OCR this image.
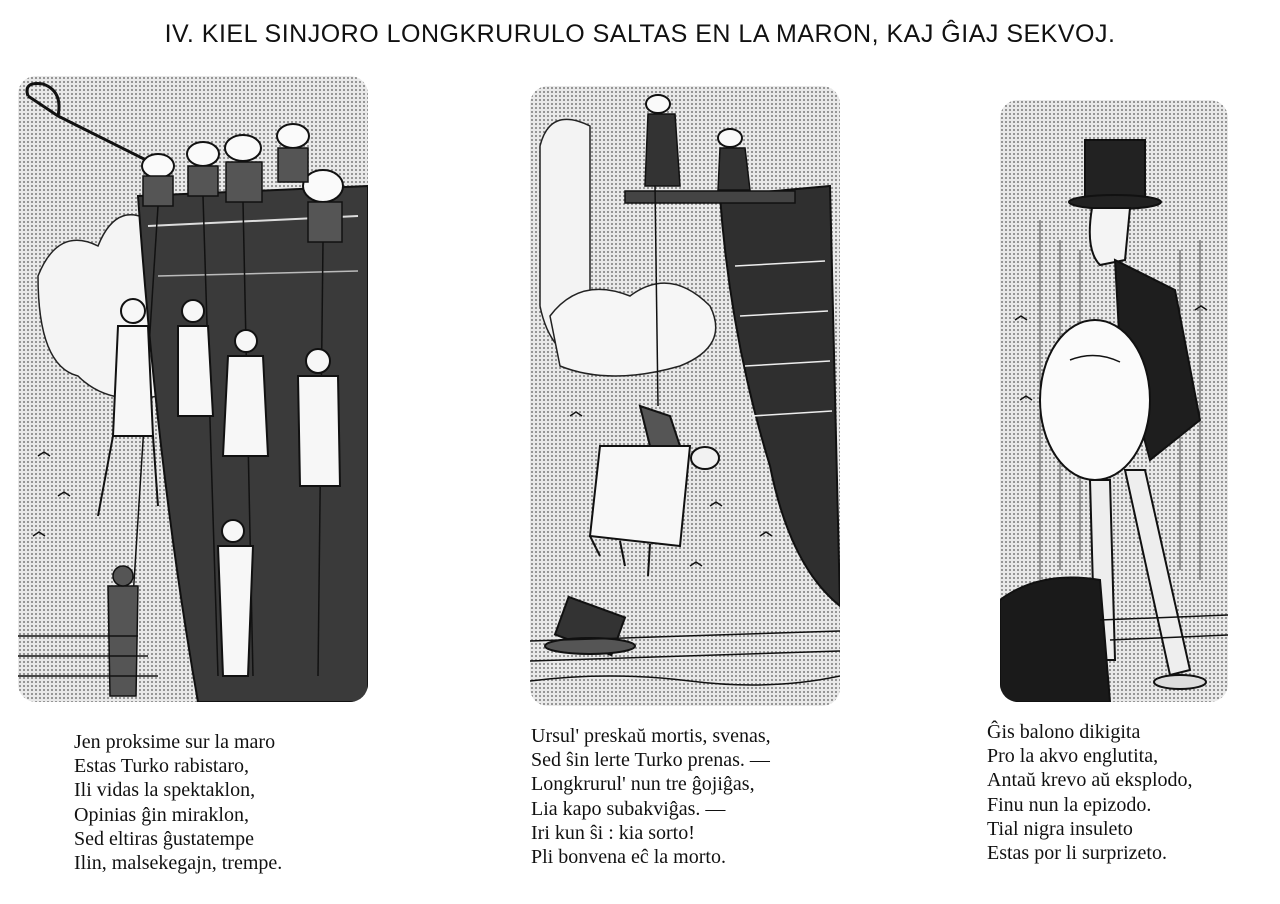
IV. KIEL SINJORO LONGKRURULO SALTAS EN LA MARON, KAJ ĜIAJ SEKVOJ.
Jen proksime sur la maro
Estas Turko rabistaro,
Ili vidas la spektaklon,
Opinias ĝin miraklon,
Sed eltiras ĝustatempe
Ilin, malsekegajn, trempe.
Ursul' preskaŭ mortis, svenas,
Sed ŝin lerte Turko prenas. —
Longkrurul' nun tre ĝojiĝas,
Lia kapo subakviĝas. —
Iri kun ŝi : kia sorto!
Pli bonvena eĉ la morto.
Ĝis balono dikigita
Pro la akvo englutita,
Antaŭ krevo aŭ eksplodo,
Finu nun la epizodo.
Tial nigra insuleto
Estas por li surprizeto.
